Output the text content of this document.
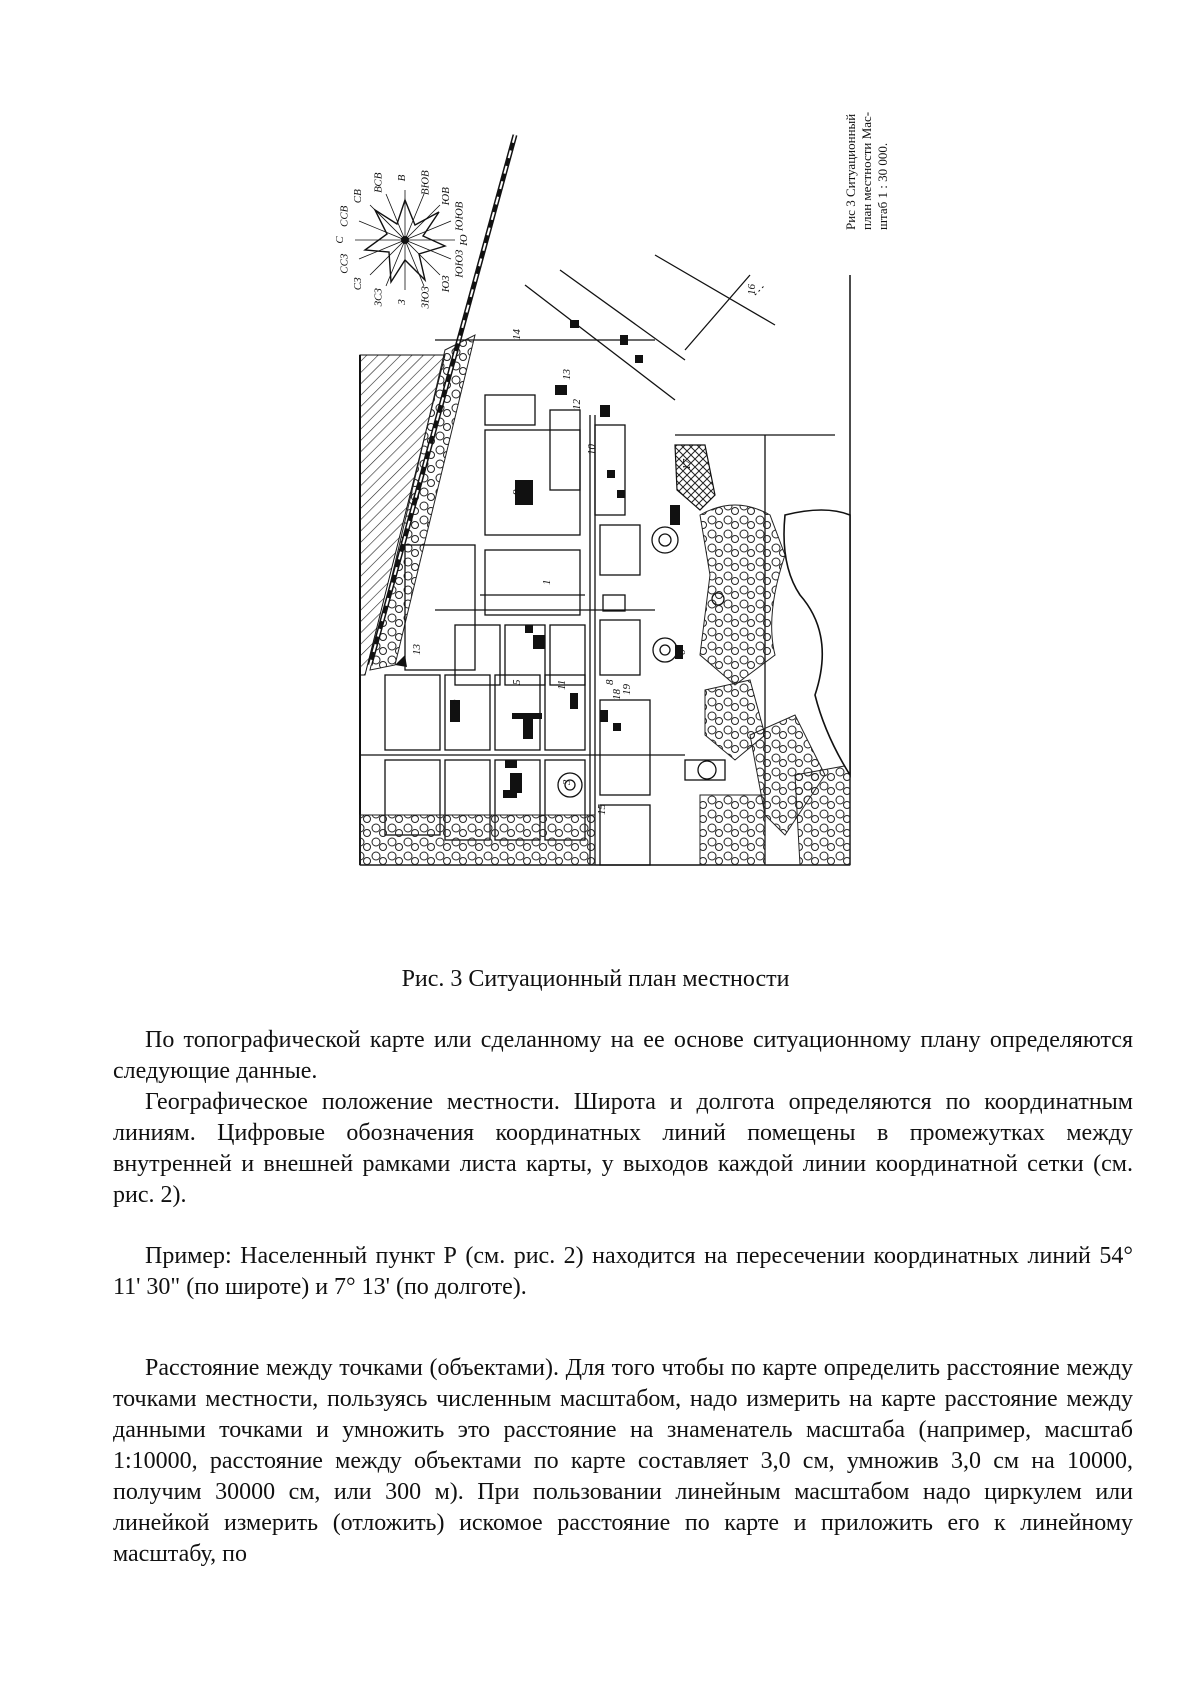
Рис 3 Ситуационный план местности Мас- штаб 1 : 30 000.
С
ССВ
СВ
ВСВ В ВЮВ
ЮВ
ЮЮВ
Ю
ЮЮЗ
ЮЗ
ЗЮЗ
З
ЗСЗ
СЗ
ССЗ
14
13
12
9
1
13
2
5	11
3
18
8
19
6
15
17
16
10
Рис. 3 Ситуационный план местности

По топографической карте или сделанному на ее основе ситуационному плану определяются следующие данные.

Географическое положение местности. Широта и долгота определяются по координатным линиям. Цифровые обозначения координатных линий помещены в промежутках между внутренней и внешней рамками листа карты, у выходов каждой линии координатной сетки (см. рис. 2).

Пример: Населенный пункт Р (см. рис. 2) находится на пересечении координатных линий 54° 11' 30" (по широте) и 7° 13' (по долготе).

Расстояние между точками (объектами). Для того чтобы по карте определить расстояние между точками местности, пользуясь численным масштабом, надо измерить на карте расстояние между данными точками и умножить это расстояние на знаменатель масштаба (например, масштаб 1:10000, расстояние между объектами по карте составляет 3,0 см, умножив 3,0 см на 10000, получим 30000 см, или 300 м). При пользовании линейным масштабом надо циркулем или линейкой измерить (отложить) искомое расстояние по карте и приложить его к линейному масштабу, по
